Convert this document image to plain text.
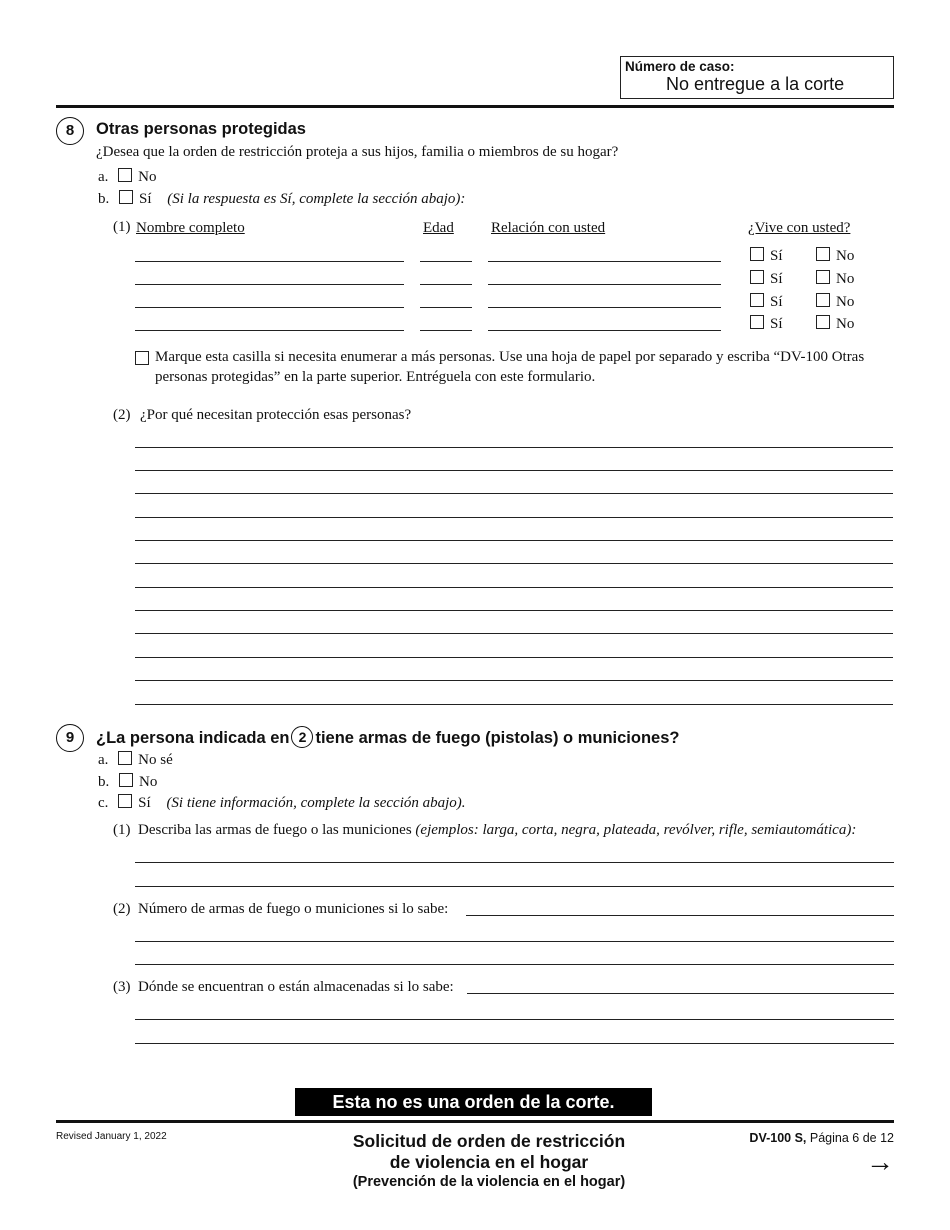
Número de caso:
No entregue a la corte
8	Otras personas protegidas
¿Desea que la orden de restricción proteja a sus hijos, familia o miembros de su hogar?
a. No
b. Sí (Si la respuesta es Sí, complete la sección abajo):
(1) Nombre completo	Edad Relación con usted	¿Vive con usted?
Sí	No
Sí	No
Sí	No
Sí	No
Marque esta casilla si necesita enumerar a más personas. Use una hoja de papel por separado y escriba “DV-100 Otras
personas protegidas” en la parte superior. Entréguela con este formulario.
(2) ¿Por qué necesitan protección esas personas?
9	¿La persona indicada en 2 tiene armas de fuego (pistolas) o municiones?
a. No sé
b. No
c. Sí (Si tiene información, complete la sección abajo).
(1) Describa las armas de fuego o las municiones (ejemplos: larga, corta, negra, plateada, revólver, rifle, semiautomática):
(2) Número de armas de fuego o municiones si lo sabe:
(3) Dónde se encuentran o están almacenadas si lo sabe:
Esta no es una orden de la corte.
Revised January 1, 2022	Solicitud de orden de restricción
de violencia en el hogar
(Prevención de la violencia en el hogar)
DV-100 S, Página 6 de 12
→
